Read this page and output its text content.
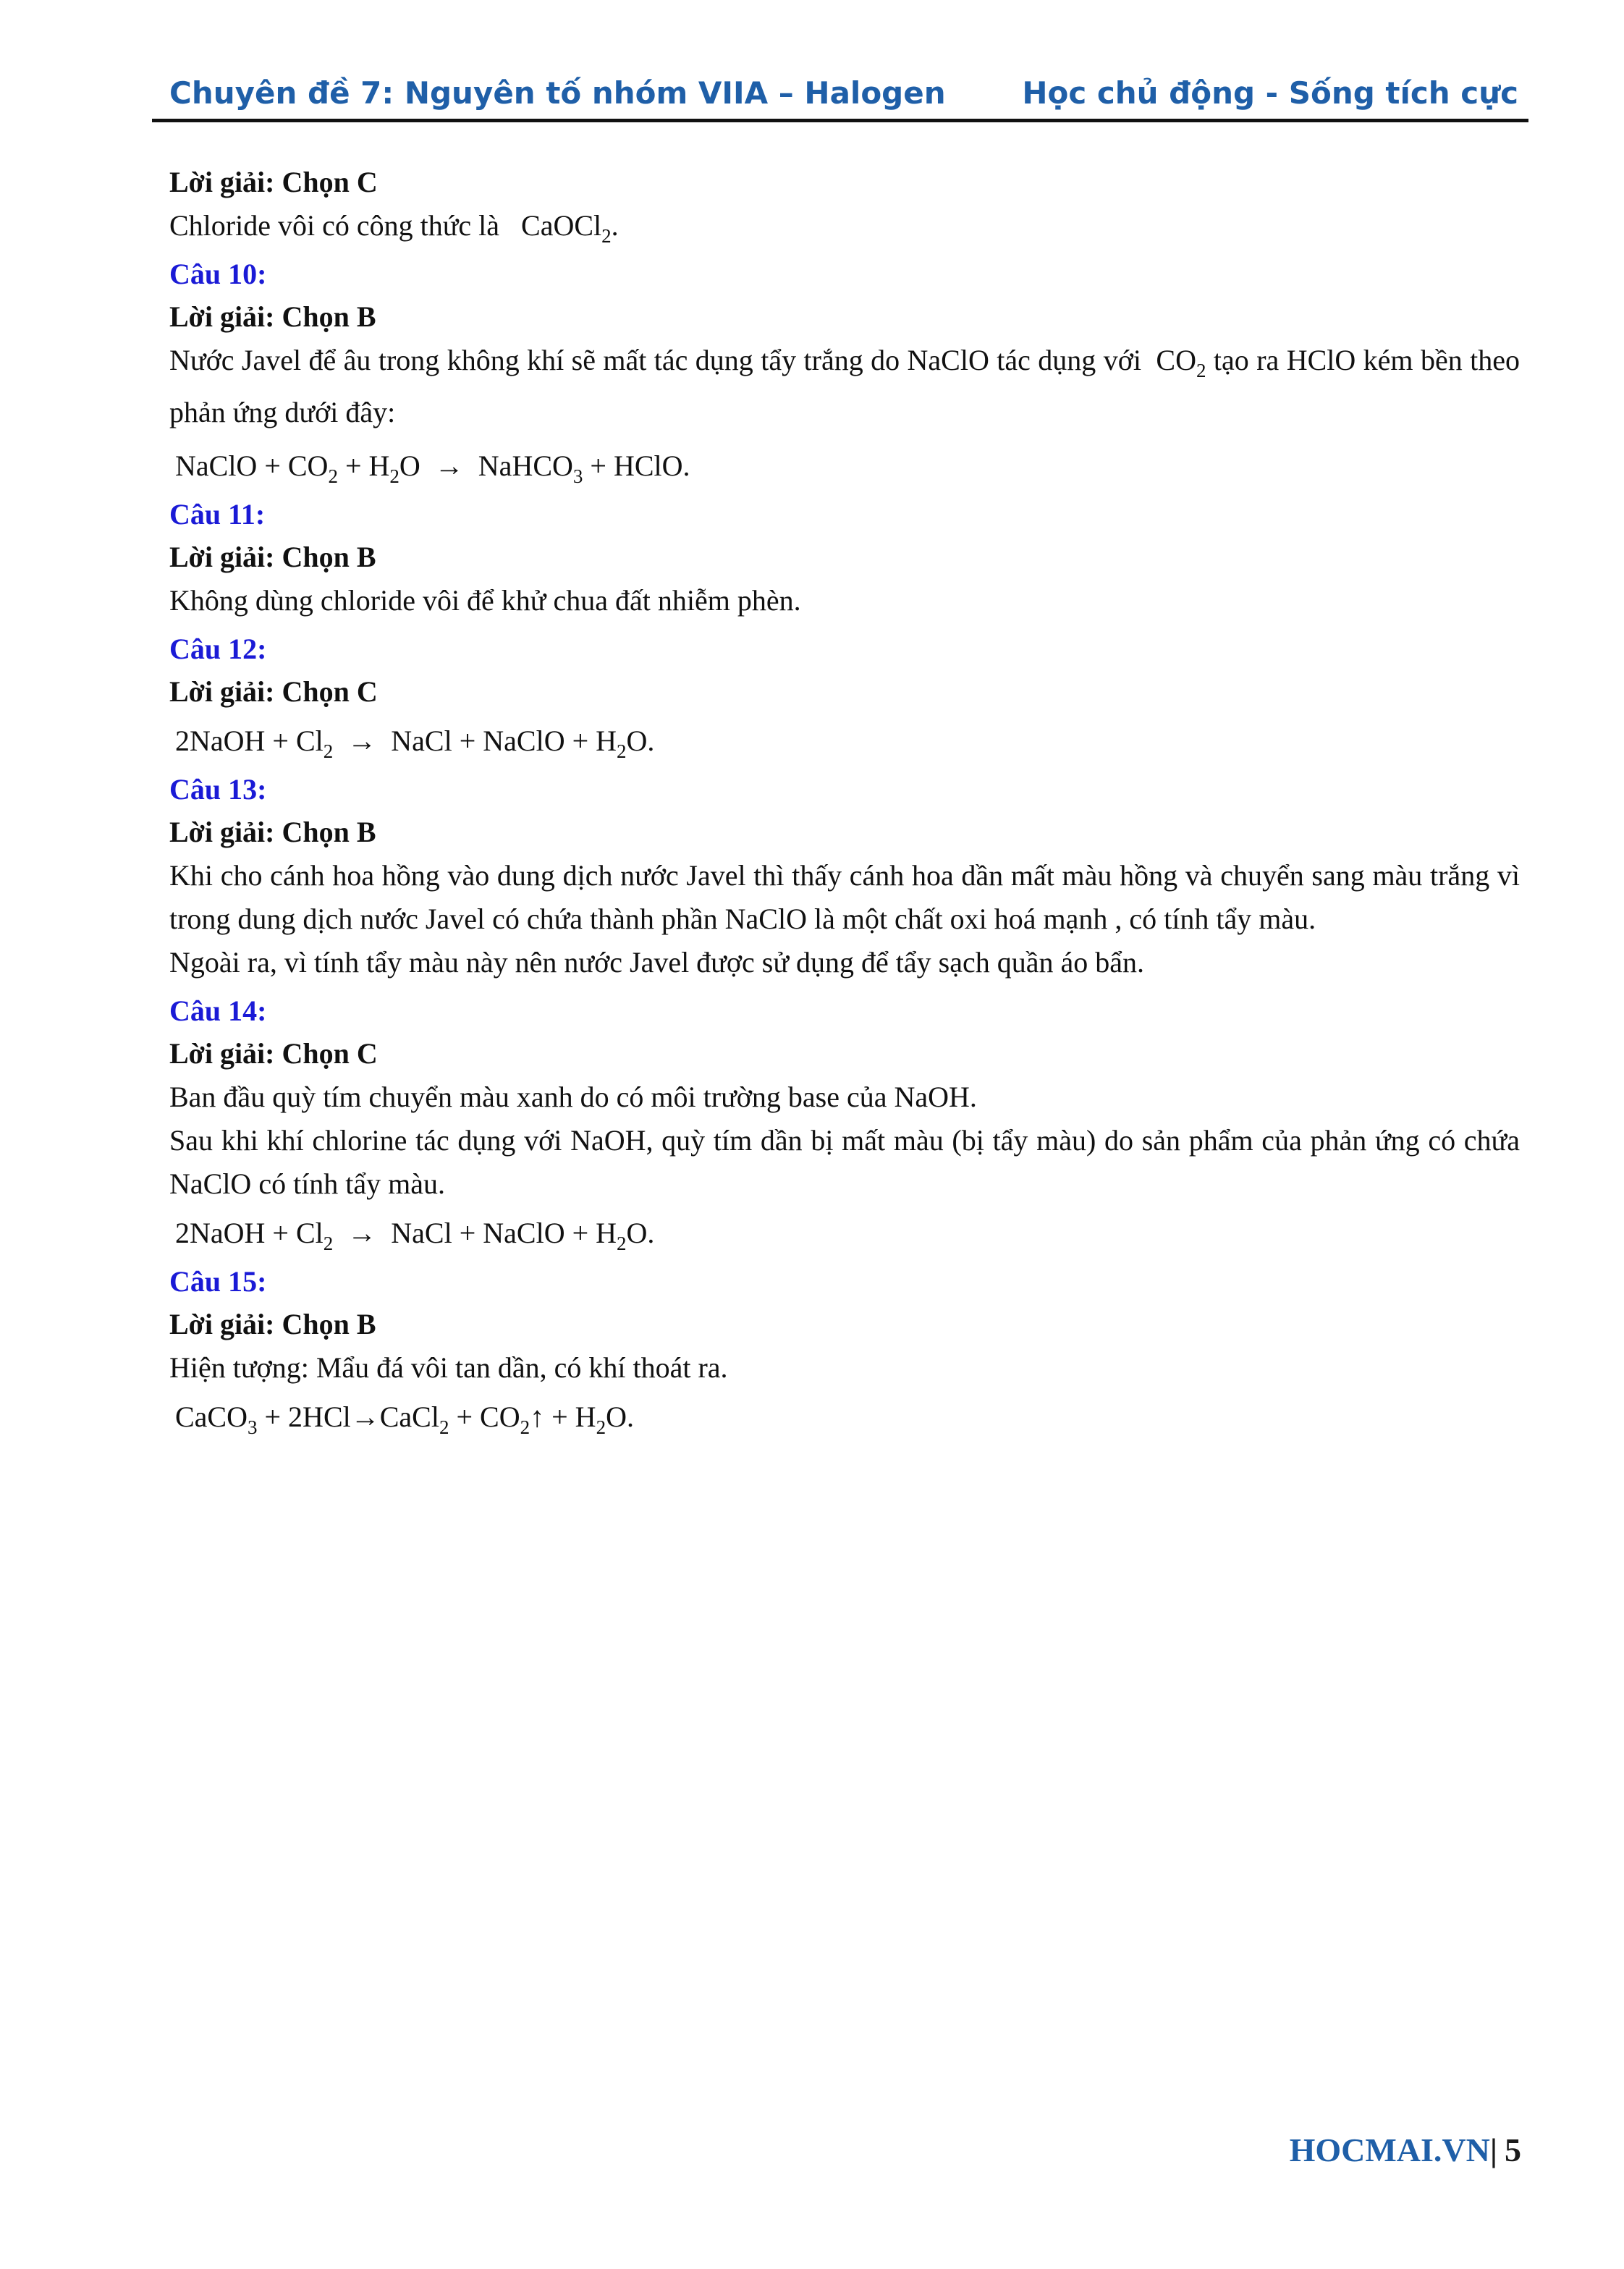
Chuyên đề 7: Nguyên tố nhóm VIIA – Halogen	Học chủ động - Sống tích cực
Lời giải: Chọn C
Chloride vôi có công thức là CaOCl$_2$.
Câu 10:
Lời giải: Chọn B
Nước Javel để âu trong không khí sẽ mất tác dụng tẩy trắng do NaClO tác dụng với $CO_2$ tạo ra HClO kém bền theo phản ứng dưới đây:
NaClO + $CO_2 + H_2O$ → NaHCO$_3$ + HClO.
Câu 11:
Lời giải: Chọn B
Không dùng chloride vôi để khử chua đất nhiễm phèn.
Câu 12:
Lời giải: Chọn C
2NaOH + $Cl_2$ → NaCl + NaClO + $H_2O$.
Câu 13:
Lời giải: Chọn B
Khi cho cánh hoa hồng vào dung dịch nước Javel thì thấy cánh hoa dần mất màu hồng và chuyển sang màu trắng vì trong dung dịch nước Javel có chứa thành phần NaClO là một chất oxi hoá mạnh , có tính tẩy màu.
Ngoài ra, vì tính tẩy màu này nên nước Javel được sử dụng để tẩy sạch quần áo bẩn.
Câu 14:
Lời giải: Chọn C
Ban đầu quỳ tím chuyển màu xanh do có môi trường base của NaOH.
Sau khi khí chlorine tác dụng với NaOH, quỳ tím dần bị mất màu (bị tẩy màu) do sản phẩm của phản ứng có chứa NaClO có tính tẩy màu.
2NaOH + $Cl_2$ → NaCl + NaClO + $H_2O$.
Câu 15:
Lời giải: Chọn B
Hiện tượng: Mẩu đá vôi tan dần, có khí thoát ra.
CaCO$_3$ + 2HCl→CaCl$_2$ + $CO_2↑ + H_2O$.
HOCMAI.VN| 5
